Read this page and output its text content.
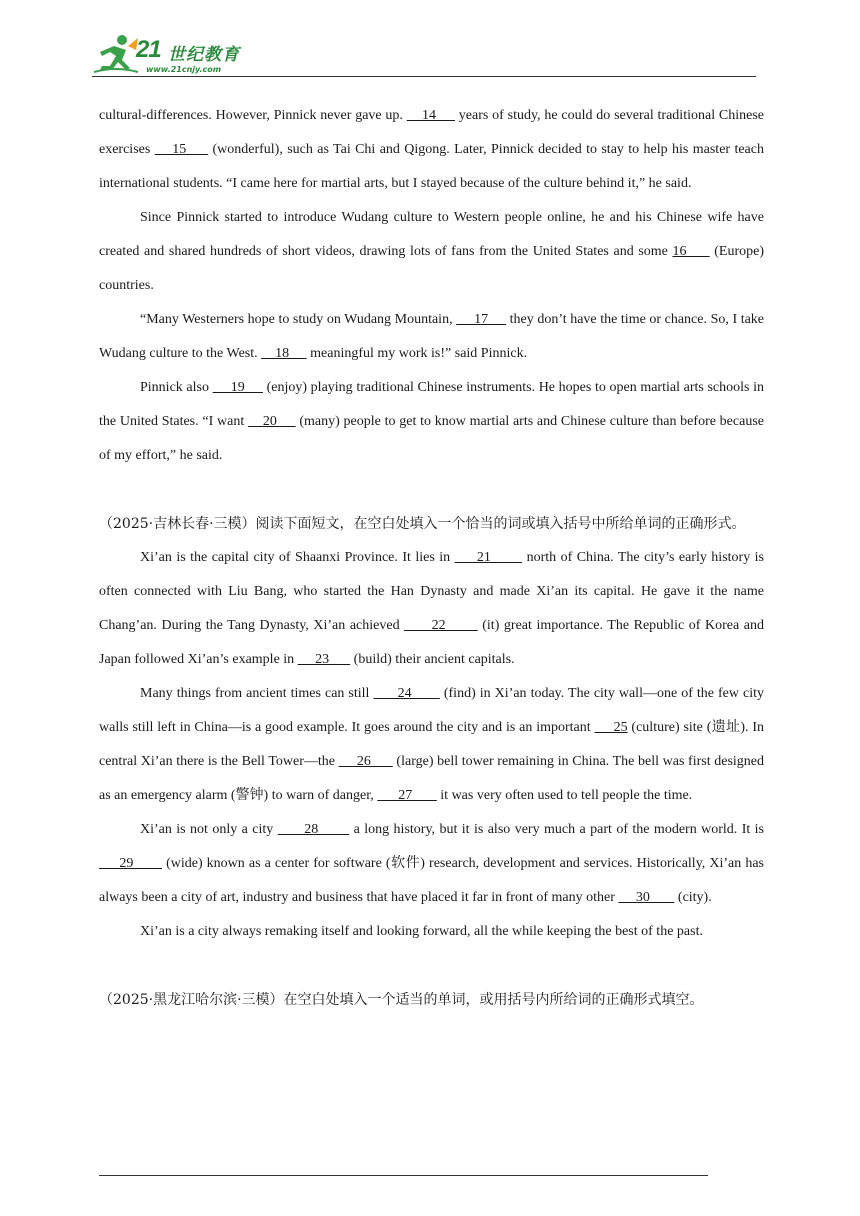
21 世纪教育
www.21cnjy.com

cultural-differences. However, Pinnick never gave up.     14      years of study, he could do several traditional Chinese exercises     15      (wonderful), such as Tai Chi and Qigong. Later, Pinnick decided to stay to help his master teach international students. “I came here for martial arts, but I stayed because of the culture behind it,” he said.

Since Pinnick started to introduce Wudang culture to Western people online, he and his Chinese wife have created and shared hundreds of short videos, drawing lots of fans from the United States and some 16      (Europe) countries.

“Many Westerners hope to study on Wudang Mountain,      17      they don’t have the time or chance. So, I take Wudang culture to the West.     18      meaningful my work is!” said Pinnick.

Pinnick also      19      (enjoy) playing traditional Chinese instruments. He hopes to open martial arts schools in the United States. “I want     20      (many) people to get to know martial arts and Chinese culture than before because of my effort,” he said.

（2025·吉林长春·三模）阅读下面短文，在空白处填入一个恰当的词或填入括号中所给单词的正确形式。

Xi’an is the capital city of Shaanxi Province. It lies in      21        north of China. The city’s early history is often connected with Liu Bang, who started the Han Dynasty and made Xi’an its capital. He gave it the name Chang’an. During the Tang Dynasty, Xi’an achieved       22        (it) great importance. The Republic of Korea and Japan followed Xi’an’s example in      23       (build) their ancient capitals.

Many things from ancient times can still       24        (find) in Xi’an today. The city wall—one of the few city walls still left in China—is a good example. It goes around the city and is an important      25 (culture) site (遗址). In central Xi’an there is the Bell Tower—the      26       (large) bell tower remaining in China. The bell was first designed as an emergency alarm (警钟) to warn of danger,       27        it was very often used to tell people the time.

Xi’an is not only a city       28        a long history, but it is also very much a part of the modern world. It is      29        (wide) known as a center for software (软件) research, development and services. Historically, Xi’an has always been a city of art, industry and business that have placed it far in front of many other      30        (city).

Xi’an is a city always remaking itself and looking forward, all the while keeping the best of the past.

（2025·黑龙江哈尔滨·三模）在空白处填入一个适当的单词，或用括号内所给词的正确形式填空。
